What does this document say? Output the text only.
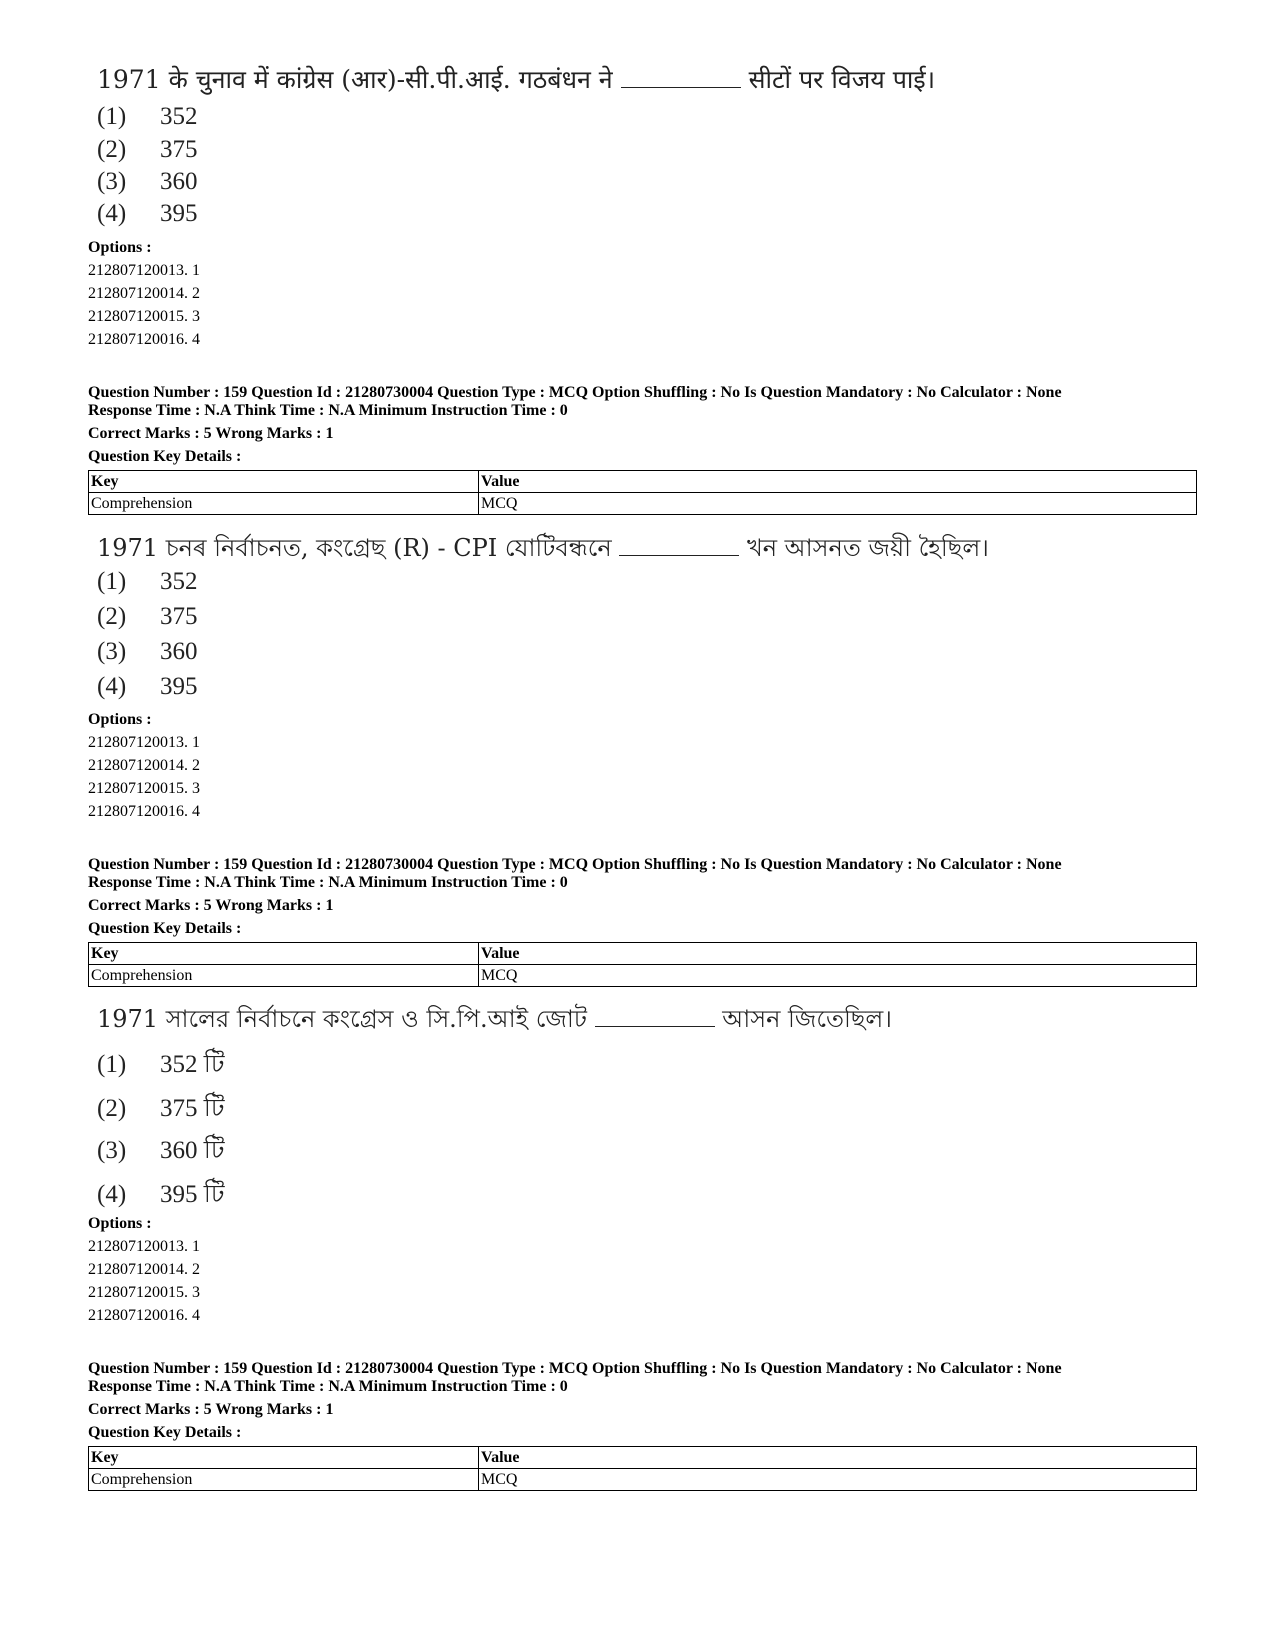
1971 के चुनाव में कांग्रेस (आर)-सी.पी.आई. गठबंधन ने	सीटों पर विजय पाई।
(1) 352
(2) 375
(3) 360
(4) 395
Options :
212807120013. 1
212807120014. 2
212807120015. 3
212807120016. 4
Question Number : 159 Question Id : 21280730004 Question Type : MCQ Option Shuffling : No Is Question Mandatory : No Calculator : None
Response Time : N.A Think Time : N.A Minimum Instruction Time : 0
Correct Marks : 5 Wrong Marks : 1
Question Key Details :
Key	Value
Comprehension	MCQ
1971 চনৰ নিৰ্বাচনত, কংগ্ৰেছ (R) - CPI যোটিবন্ধনে	খন আসনত জয়ী হৈছিল।
(1) 352
(2) 375
(3) 360
(4) 395
Options :
212807120013. 1
212807120014. 2
212807120015. 3
212807120016. 4
Question Number : 159 Question Id : 21280730004 Question Type : MCQ Option Shuffling : No Is Question Mandatory : No Calculator : None
Response Time : N.A Think Time : N.A Minimum Instruction Time : 0
Correct Marks : 5 Wrong Marks : 1
Question Key Details :
Key	Value
Comprehension	MCQ
1971 সালের নির্বাচনে কংগ্রেস ও সি.পি.আই জোট	আসন জিতেছিল।
(1) 352 টি
(2) 375 টি
(3) 360 টি
(4) 395 টি
Options :
212807120013. 1
212807120014. 2
212807120015. 3
212807120016. 4
Question Number : 159 Question Id : 21280730004 Question Type : MCQ Option Shuffling : No Is Question Mandatory : No Calculator : None
Response Time : N.A Think Time : N.A Minimum Instruction Time : 0
Correct Marks : 5 Wrong Marks : 1
Question Key Details :
Key	Value
Comprehension	MCQ
